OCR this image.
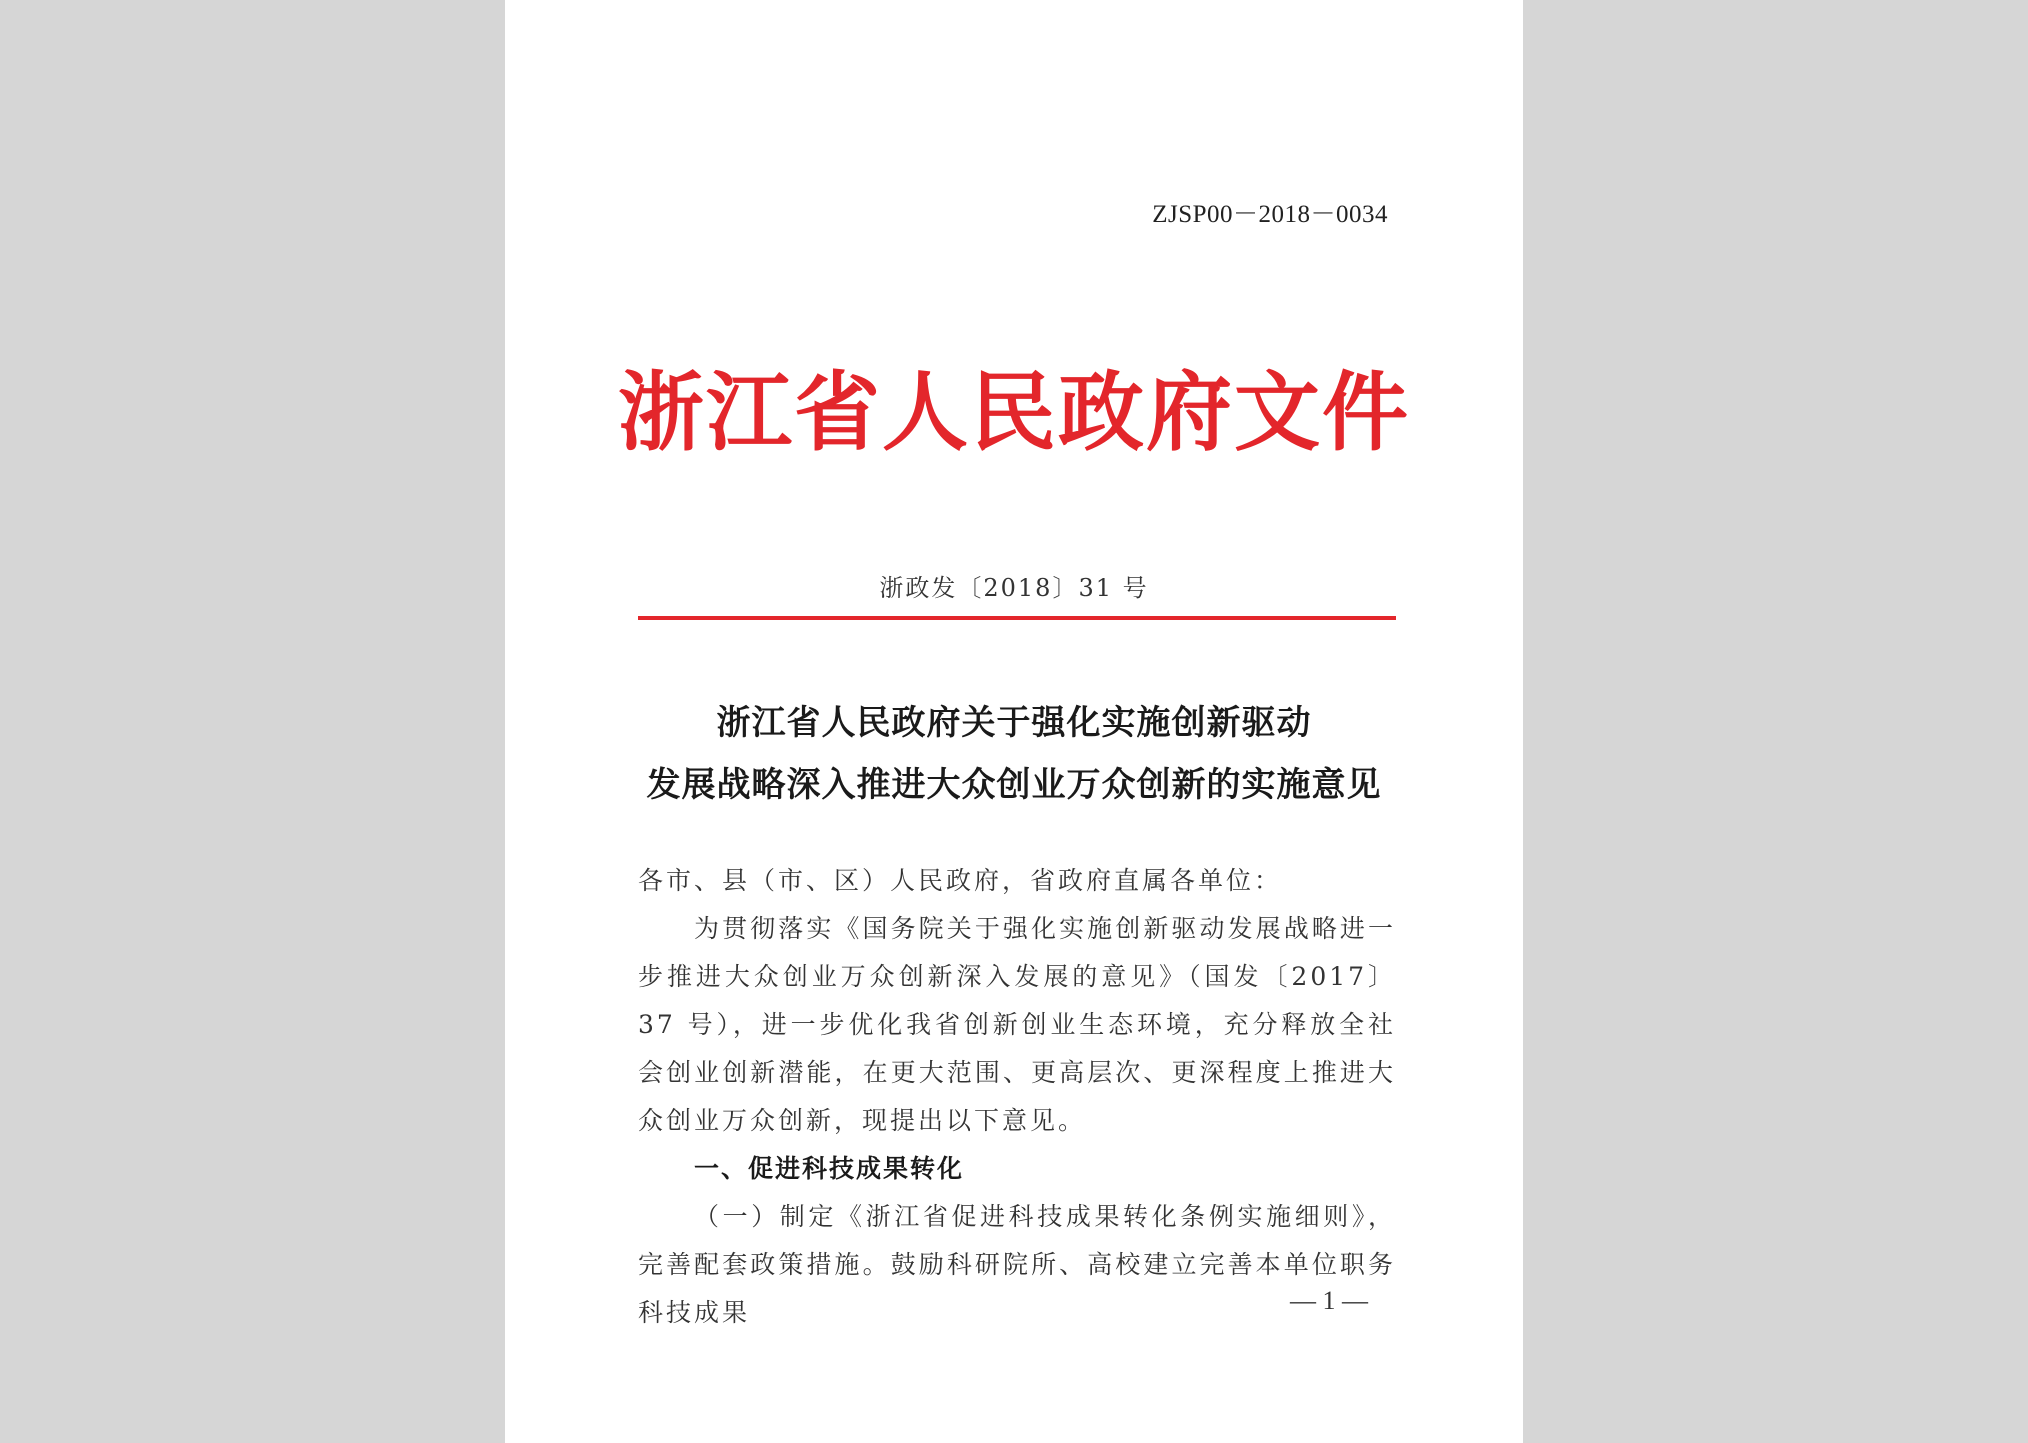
ZJSP00－2018－0034
浙江省人民政府文件
浙政发〔2018〕31 号
浙江省人民政府关于强化实施创新驱动
发展战略深入推进大众创业万众创新的实施意见

各市、县（市、区）人民政府，省政府直属各单位：

为贯彻落实《国务院关于强化实施创新驱动发展战略进一步推进大众创业万众创新深入发展的意见》（国发〔2017〕37 号），进一步优化我省创新创业生态环境，充分释放全社会创业创新潜能，在更大范围、更高层次、更深程度上推进大众创业万众创新，现提出以下意见。

一、促进科技成果转化

（一）制定《浙江省促进科技成果转化条例实施细则》，完善配套政策措施。鼓励科研院所、高校建立完善本单位职务科技成果	— 1 —
